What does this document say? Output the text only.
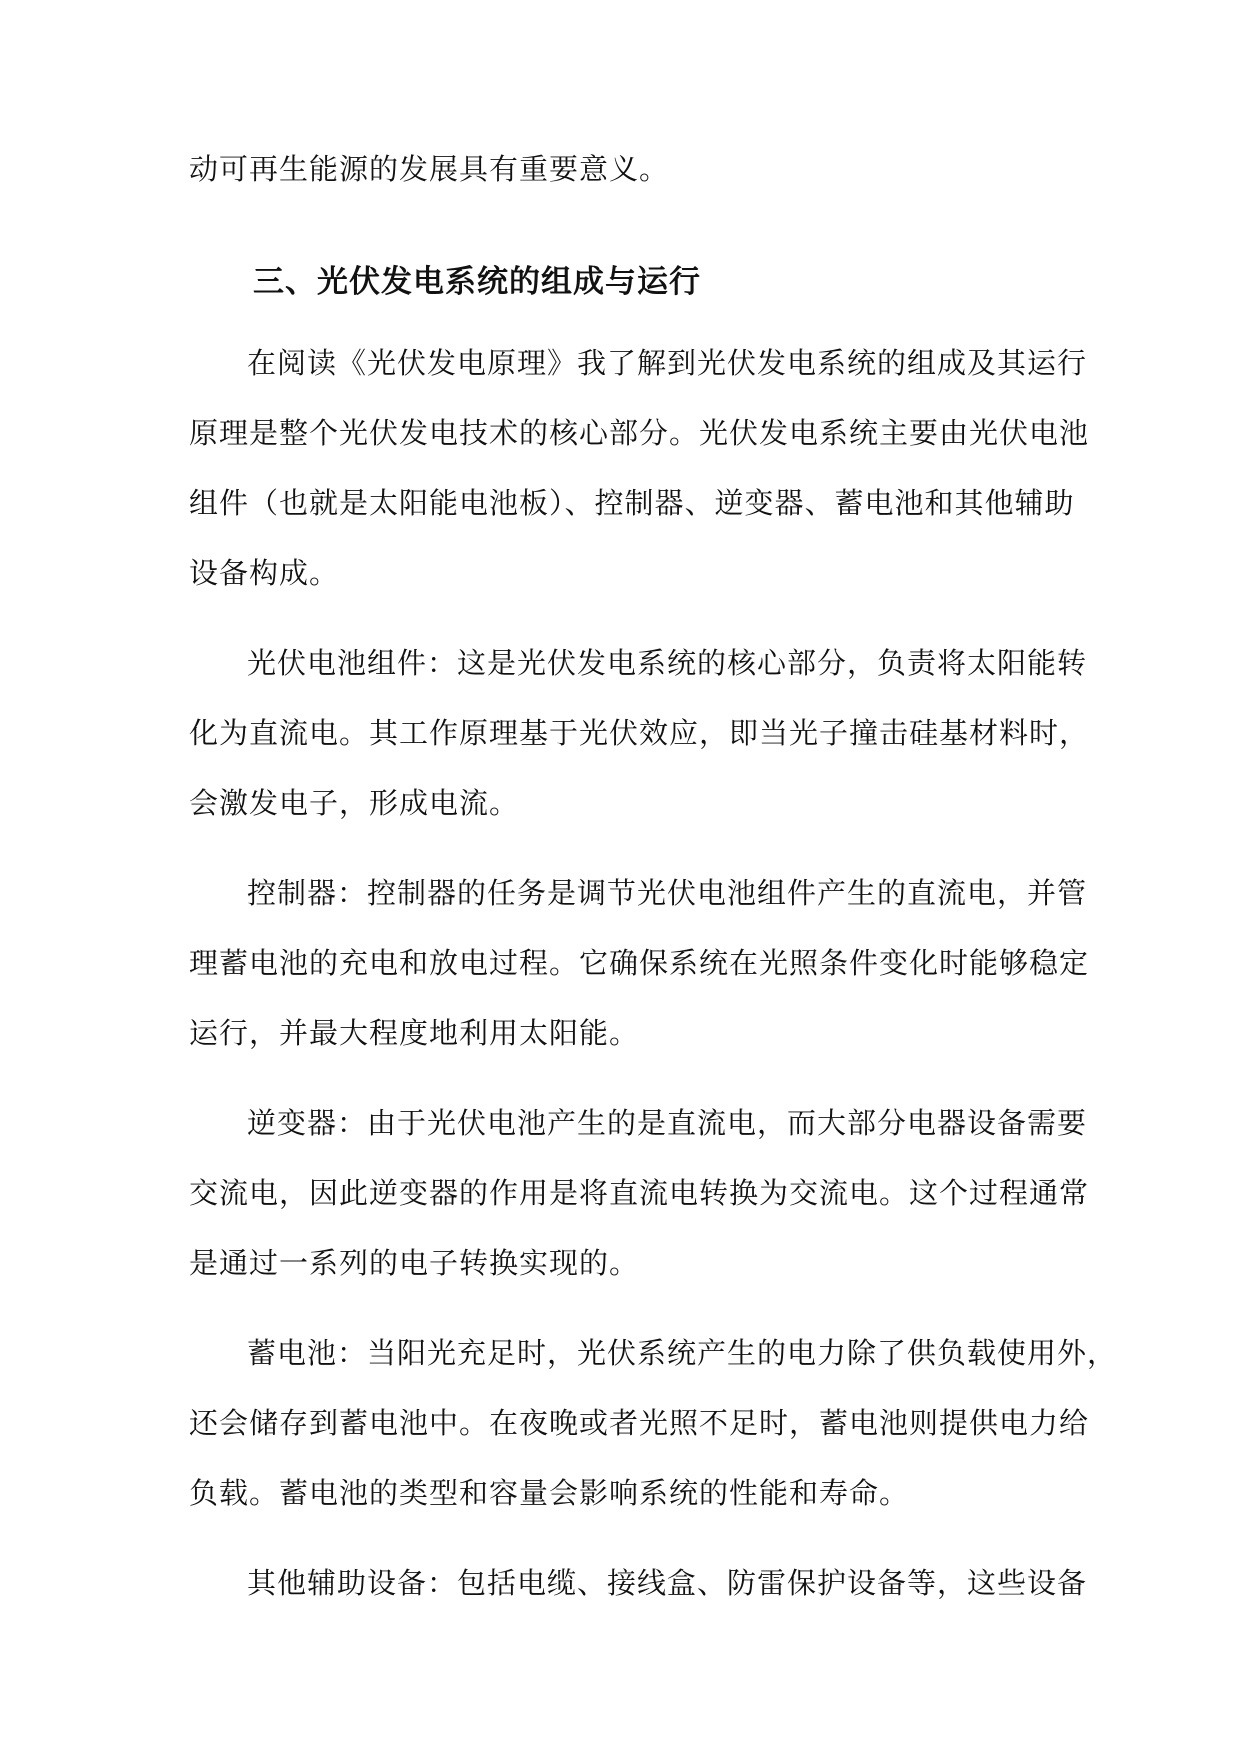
动可再生能源的发展具有重要意义。
三、光伏发电系统的组成与运行
在阅读《光伏发电原理》我了解到光伏发电系统的组成及其运行
原理是整个光伏发电技术的核心部分。光伏发电系统主要由光伏电池
组件（也就是太阳能电池板）、控制器、逆变器、蓄电池和其他辅助
设备构成。
光伏电池组件：这是光伏发电系统的核心部分，负责将太阳能转
化为直流电。其工作原理基于光伏效应，即当光子撞击硅基材料时，
会激发电子，形成电流。
控制器：控制器的任务是调节光伏电池组件产生的直流电，并管
理蓄电池的充电和放电过程。它确保系统在光照条件变化时能够稳定
运行，并最大程度地利用太阳能。
逆变器：由于光伏电池产生的是直流电，而大部分电器设备需要
交流电，因此逆变器的作用是将直流电转换为交流电。这个过程通常
是通过一系列的电子转换实现的。
蓄电池：当阳光充足时，光伏系统产生的电力除了供负载使用外，
还会储存到蓄电池中。在夜晚或者光照不足时，蓄电池则提供电力给
负载。蓄电池的类型和容量会影响系统的性能和寿命。
其他辅助设备：包括电缆、接线盒、防雷保护设备等，这些设备
